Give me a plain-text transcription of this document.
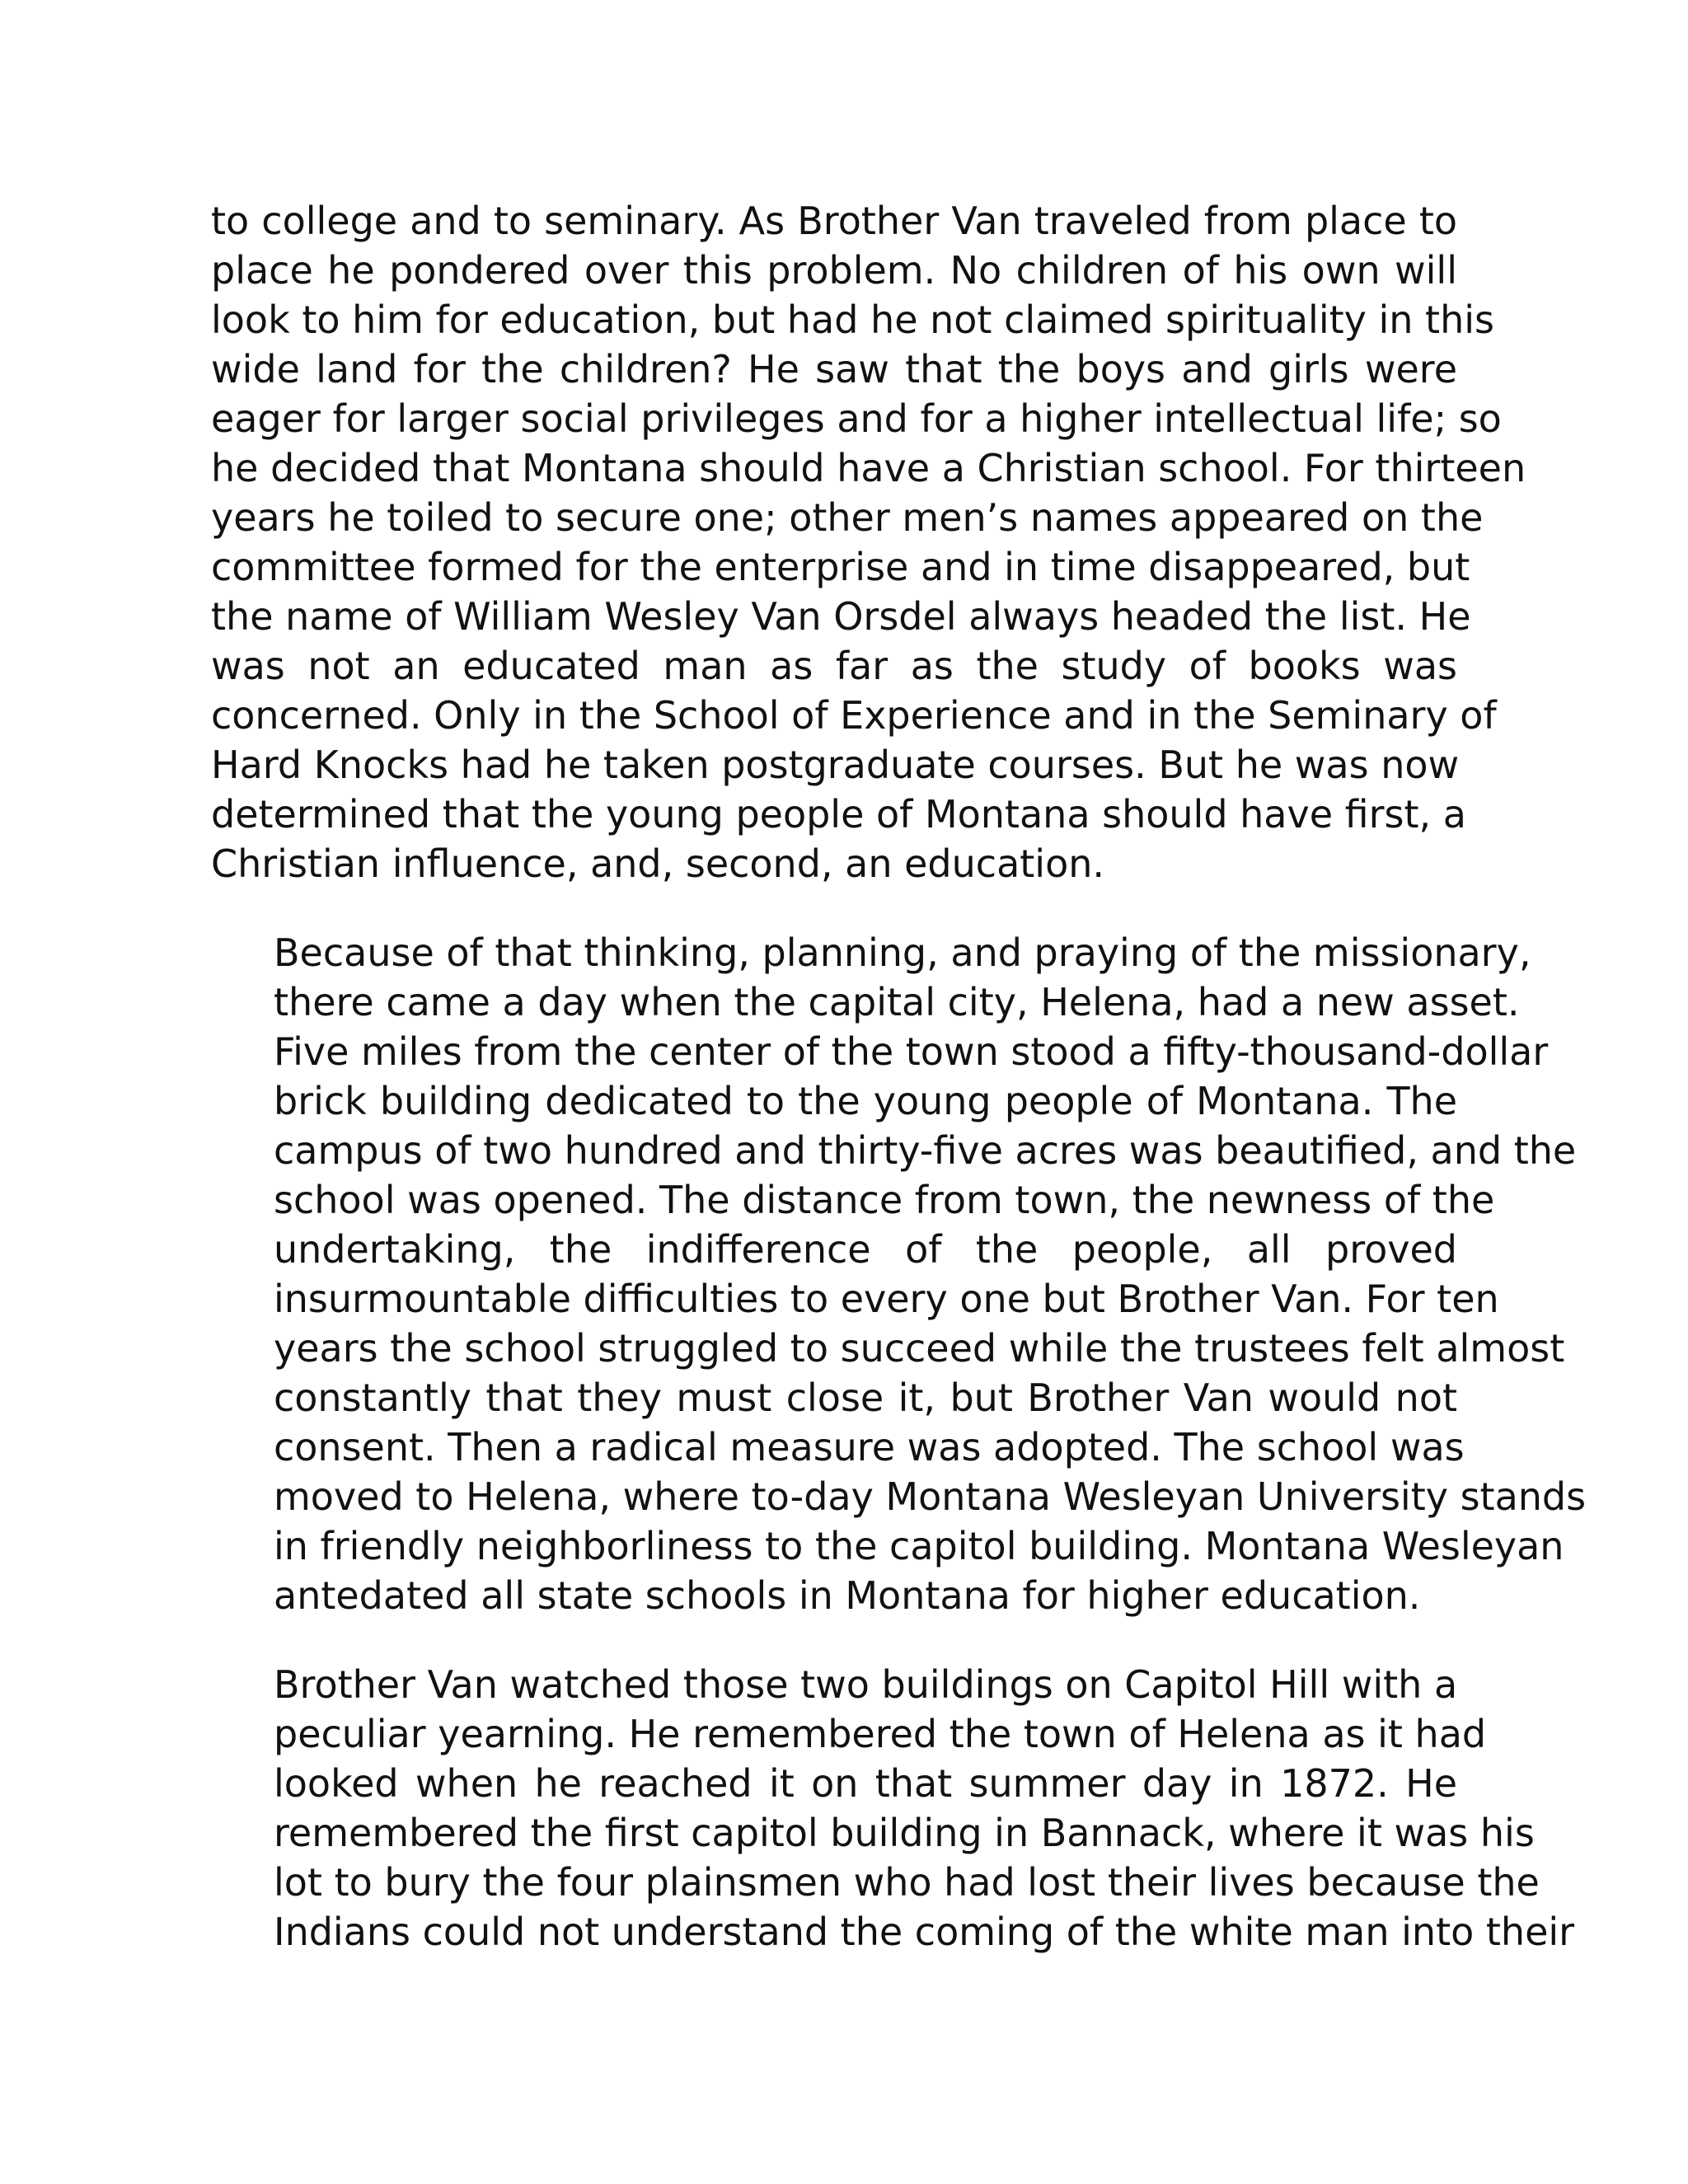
to college and to seminary. As Brother Van traveled from place to
place he pondered over this problem. No children of his own will
look to him for education, but had he not claimed spirituality in this
wide land for the children? He saw that the boys and girls were
eager for larger social privileges and for a higher intellectual life; so
he decided that Montana should have a Christian school. For thirteen
years he toiled to secure one; other men’s names appeared on the
committee formed for the enterprise and in time disappeared, but
the name of William Wesley Van Orsdel always headed the list. He
was not an educated man as far as the study of books was
concerned. Only in the School of Experience and in the Seminary of
Hard Knocks had he taken postgraduate courses. But he was now
determined that the young people of Montana should have first, a
Christian influence, and, second, an education.

Because of that thinking, planning, and praying of the missionary,
there came a day when the capital city, Helena, had a new asset.
Five miles from the center of the town stood a fifty-thousand-dollar
brick building dedicated to the young people of Montana. The
campus of two hundred and thirty-five acres was beautified, and the
school was opened. The distance from town, the newness of the
undertaking, the indifference of the people, all proved
insurmountable difficulties to every one but Brother Van. For ten
years the school struggled to succeed while the trustees felt almost
constantly that they must close it, but Brother Van would not
consent. Then a radical measure was adopted. The school was
moved to Helena, where to-day Montana Wesleyan University stands
in friendly neighborliness to the capitol building. Montana Wesleyan
antedated all state schools in Montana for higher education.

Brother Van watched those two buildings on Capitol Hill with a
peculiar yearning. He remembered the town of Helena as it had
looked when he reached it on that summer day in 1872. He
remembered the first capitol building in Bannack, where it was his
lot to bury the four plainsmen who had lost their lives because the
Indians could not understand the coming of the white man into their
